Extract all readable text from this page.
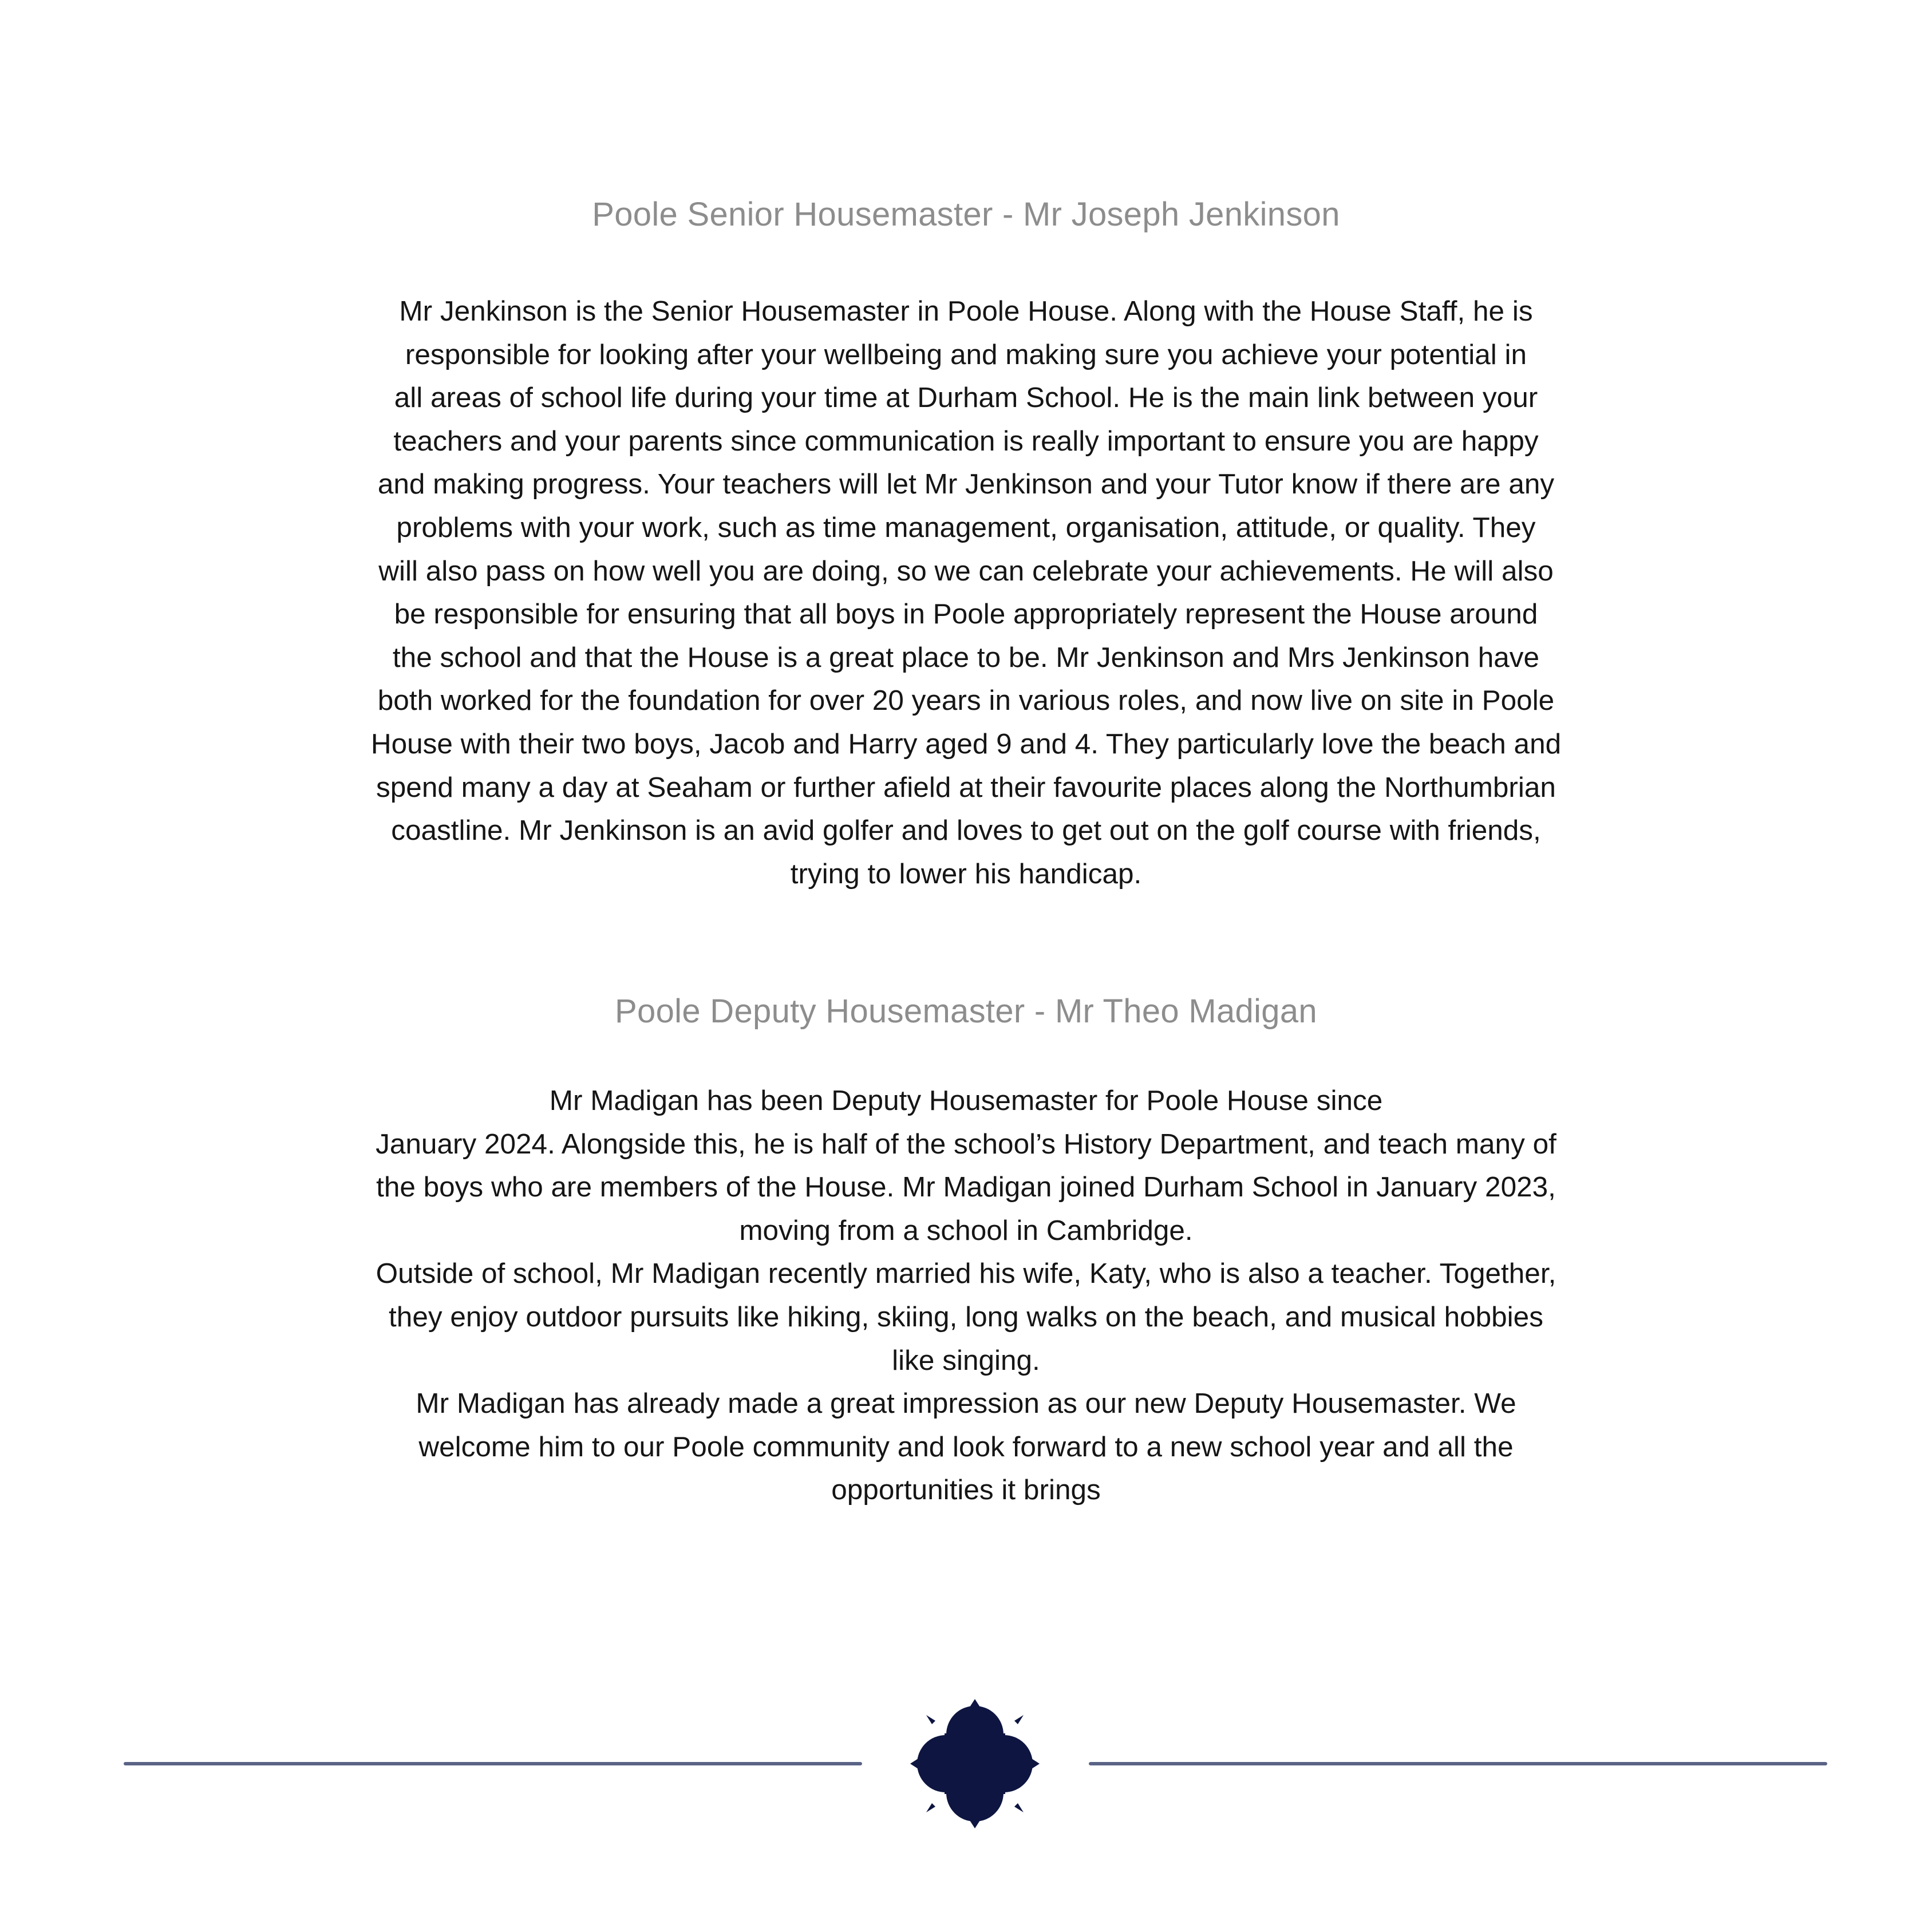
Poole Senior Housemaster - Mr Joseph Jenkinson

Mr Jenkinson is the Senior Housemaster in Poole House. Along with the House Staff, he is

responsible for looking after your wellbeing and making sure you achieve your potential in

all areas of school life during your time at Durham School. He is the main link between your

teachers and your parents since communication is really important to ensure you are happy

and making progress. Your teachers will let Mr Jenkinson and your Tutor know if there are any

problems with your work, such as time management, organisation, attitude, or quality. They

will also pass on how well you are doing, so we can celebrate your achievements. He will also

be responsible for ensuring that all boys in Poole appropriately represent the House around

the school and that the House is a great place to be. Mr Jenkinson and Mrs Jenkinson have

both worked for the foundation for over 20 years in various roles, and now live on site in Poole

House with their two boys, Jacob and Harry aged 9 and 4. They particularly love the beach and

spend many a day at Seaham or further afield at their favourite places along the Northumbrian

coastline. Mr Jenkinson is an avid golfer and loves to get out on the golf course with friends,

trying to lower his handicap.

Poole Deputy Housemaster - Mr Theo Madigan

Mr Madigan has been Deputy Housemaster for Poole House since

January 2024. Alongside this, he is half of the school’s History Department, and teach many of

the boys who are members of the House. Mr Madigan joined Durham School in January 2023,

moving from a school in Cambridge.

Outside of school, Mr Madigan recently married his wife, Katy, who is also a teacher. Together,

they enjoy outdoor pursuits like hiking, skiing, long walks on the beach, and musical hobbies

like singing.

Mr Madigan has already made a great impression as our new Deputy Housemaster. We

welcome him to our Poole community and look forward to a new school year and all the

opportunities it brings
